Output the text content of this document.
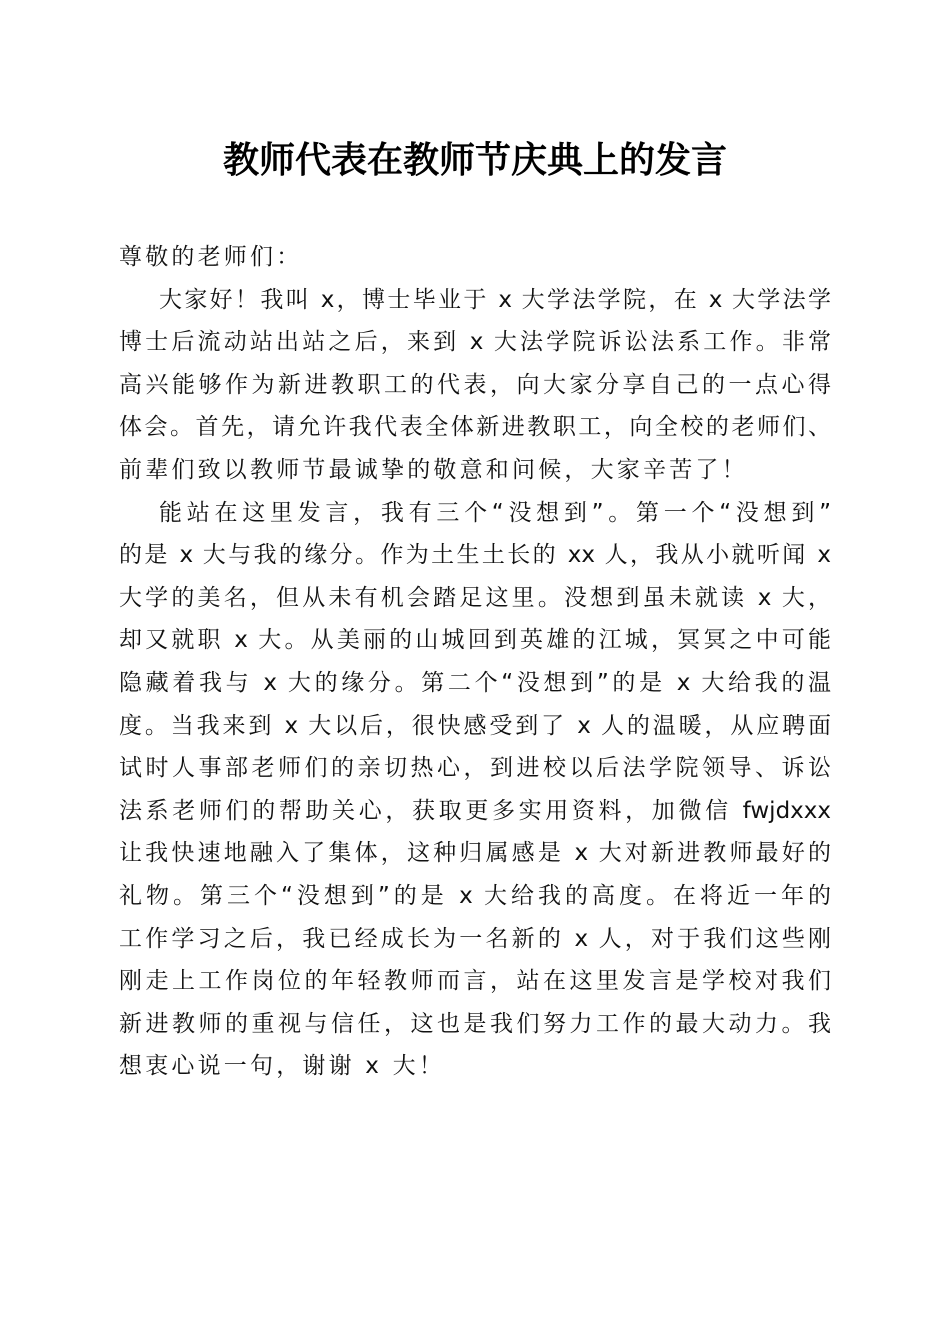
教师代表在教师节庆典上的发言
尊敬的老师们：
大家好！我叫 x，博士毕业于 x 大学法学院，在 x 大学法学
博士后流动站出站之后，来到 x 大法学院诉讼法系工作。非常
高兴能够作为新进教职工的代表，向大家分享自己的一点心得
体会。首先，请允许我代表全体新进教职工，向全校的老师们、
前辈们致以教师节最诚挚的敬意和问候，大家辛苦了！
能站在这里发言，我有三个“没想到”。第一个“没想到”
的是 x 大与我的缘分。作为土生土长的 xx 人，我从小就听闻 x
大学的美名，但从未有机会踏足这里。没想到虽未就读 x 大，
却又就职 x 大。从美丽的山城回到英雄的江城，冥冥之中可能
隐藏着我与 x 大的缘分。第二个“没想到”的是 x 大给我的温
度。当我来到 x 大以后，很快感受到了 x 人的温暖，从应聘面
试时人事部老师们的亲切热心，到进校以后法学院领导、诉讼
法系老师们的帮助关心，获取更多实用资料，加微信 fwjdxxx
让我快速地融入了集体，这种归属感是 x 大对新进教师最好的
礼物。第三个“没想到”的是 x 大给我的高度。在将近一年的
工作学习之后，我已经成长为一名新的 x 人，对于我们这些刚
刚走上工作岗位的年轻教师而言，站在这里发言是学校对我们
新进教师的重视与信任，这也是我们努力工作的最大动力。我
想衷心说一句，谢谢 x 大！
